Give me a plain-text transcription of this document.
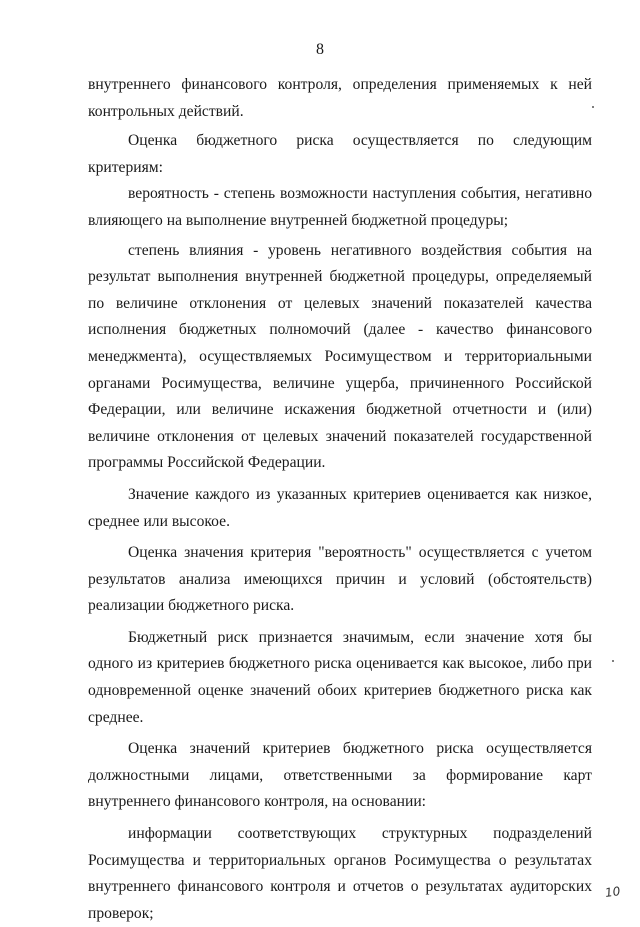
8

внутреннего финансового контроля, определения применяемых к ней контрольных действий.

Оценка бюджетного риска осуществляется по следующим критериям:

вероятность - степень возможности наступления события, негативно влияющего на выполнение внутренней бюджетной процедуры;

степень влияния - уровень негативного воздействия события на результат выполнения внутренней бюджетной процедуры, определяемый по величине отклонения от целевых значений показателей качества исполнения бюджетных полномочий (далее - качество финансового менеджмента), осуществляемых Росимуществом и территориальными органами Росимущества, величине ущерба, причиненного Российской Федерации, или величине искажения бюджетной отчетности и (или) величине отклонения от целевых значений показателей государственной программы Российской Федерации.

Значение каждого из указанных критериев оценивается как низкое, среднее или высокое.

Оценка значения критерия "вероятность" осуществляется с учетом результатов анализа имеющихся причин и условий (обстоятельств) реализации бюджетного риска.

Бюджетный риск признается значимым, если значение хотя бы одного из критериев бюджетного риска оценивается как высокое, либо при одновременной оценке значений обоих критериев бюджетного риска как среднее.

Оценка значений критериев бюджетного риска осуществляется должностными лицами, ответственными за формирование карт внутреннего финансового контроля, на основании:

информации соответствующих структурных подразделений Росимущества и территориальных органов Росимущества о результатах внутреннего финансового контроля и отчетов о результатах аудиторских проверок;

10
